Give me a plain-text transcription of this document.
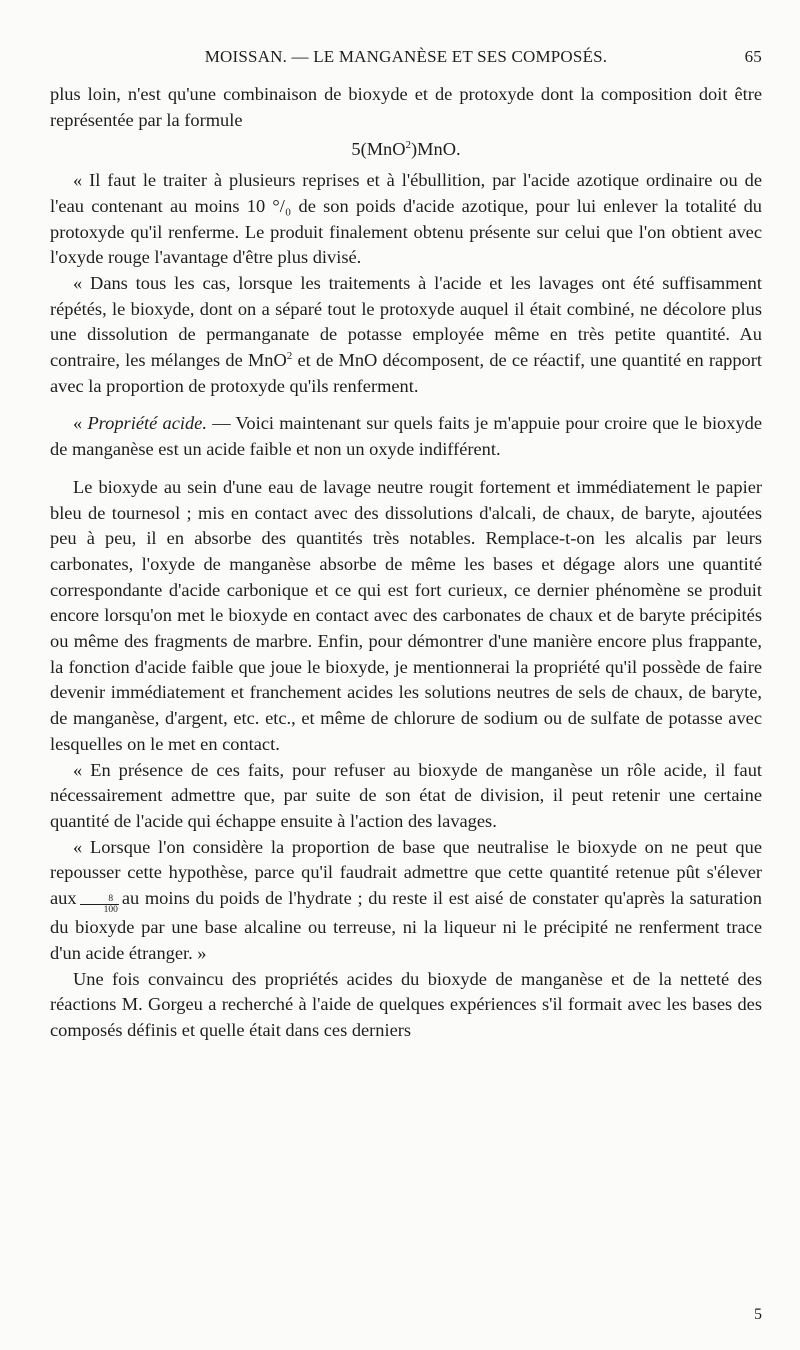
MOISSAN. — LE MANGANÈSE ET SES COMPOSÉS.	65

plus loin, n'est qu'une combinaison de bioxyde et de protoxyde dont la composition doit être représentée par la formule

5(MnO$^2$)MnO.

« Il faut le traiter à plusieurs reprises et à l'ébullition, par l'acide azotique ordinaire ou de l'eau contenant au moins 10 °/₀ de son poids d'acide azotique, pour lui enlever la totalité du protoxyde qu'il renferme. Le produit finalement obtenu présente sur celui que l'on obtient avec l'oxyde rouge l'avantage d'être plus divisé.

« Dans tous les cas, lorsque les traitements à l'acide et les lavages ont été suffisamment répétés, le bioxyde, dont on a séparé tout le protoxyde auquel il était combiné, ne décolore plus une dissolution de permanganate de potasse employée même en très petite quantité. Au contraire, les mélanges de MnO$^2$ et de MnO décomposent, de ce réactif, une quantité en rapport avec la proportion de protoxyde qu'ils renferment.

« Propriété acide. — Voici maintenant sur quels faits je m'appuie pour croire que le bioxyde de manganèse est un acide faible et non un oxyde indifférent.

Le bioxyde au sein d'une eau de lavage neutre rougit fortement et immédiatement le papier bleu de tournesol ; mis en contact avec des dissolutions d'alcali, de chaux, de baryte, ajoutées peu à peu, il en absorbe des quantités très notables. Remplace-t-on les alcalis par leurs carbonates, l'oxyde de manganèse absorbe de même les bases et dégage alors une quantité correspondante d'acide carbonique et ce qui est fort curieux, ce dernier phénomène se produit encore lorsqu'on met le bioxyde en contact avec des carbonates de chaux et de baryte précipités ou même des fragments de marbre. Enfin, pour démontrer d'une manière encore plus frappante, la fonction d'acide faible que joue le bioxyde, je mentionnerai la propriété qu'il possède de faire devenir immédiatement et franchement acides les solutions neutres de sels de chaux, de baryte, de manganèse, d'argent, etc. etc., et même de chlorure de sodium ou de sulfate de potasse avec lesquelles on le met en contact.

« En présence de ces faits, pour refuser au bioxyde de manganèse un rôle acide, il faut nécessairement admettre que, par suite de son état de division, il peut retenir une certaine quantité de l'acide qui échappe ensuite à l'action des lavages.

« Lorsque l'on considère la proportion de base que neutralise le bioxyde on ne peut que repousser cette hypothèse, parce qu'il faudrait admettre que cette quantité retenue pût s'élever aux $\frac{8}{100}$ au moins du poids de l'hydrate ; du reste il est aisé de constater qu'après la saturation du bioxyde par une base alcaline ou terreuse, ni la liqueur ni le précipité ne renferment trace d'un acide étranger. »

Une fois convaincu des propriétés acides du bioxyde de manganèse et de la netteté des réactions M. Gorgeu a recherché à l'aide de quelques expériences s'il formait avec les bases des composés définis et quelle était dans ces derniers

5
